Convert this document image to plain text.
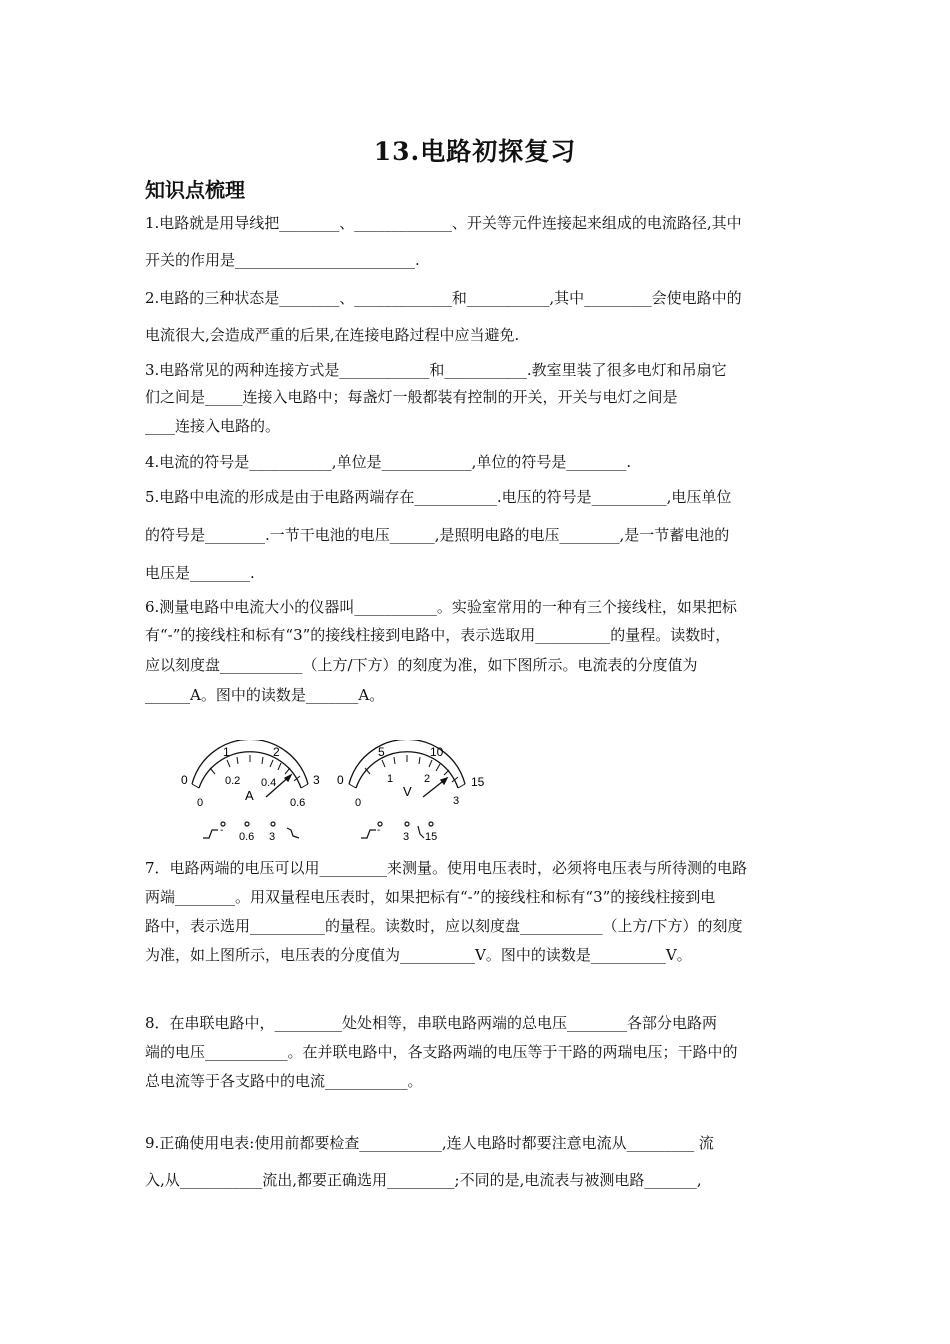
13.电路初探复习
知识点梳理
1.电路就是用导线把________、_____________、开关等元件连接起来组成的电流路径,其中
开关的作用是________________________.
2.电路的三种状态是________、_____________和___________,其中_________会使电路中的
电流很大,会造成严重的后果,在连接电路过程中应当避免.
3.电路常见的两种连接方式是____________和___________.教室里装了很多电灯和吊扇它
们之间是_____连接入电路中；每盏灯一般都装有控制的开关，开关与电灯之间是
____连接入电路的。
4.电流的符号是___________,单位是____________,单位的符号是________.
5.电路中电流的形成是由于电路两端存在___________.电压的符号是__________,电压单位
的符号是________.一节干电池的电压______,是照明电路的电压________,是一节蓄电池的
电压是________.
6.测量电路中电流大小的仪器叫___________。实验室常用的一种有三个接线柱，如果把标
有“-”的接线柱和标有“3”的接线柱接到电路中，表示选取用__________的量程。读数时，
应以刻度盘___________（上方/下方）的刻度为准，如下图所示。电流表的分度值为
______A。图中的读数是_______A。
0
1	2
3
0
0.2 0.4
0.6
A
-
0.6 3
0
5	10
15
0
1	2
3
V
-
3 15
7．电路两端的电压可以用_________来测量。使用电压表时，必须将电压表与所待测的电路
两端________。用双量程电压表时，如果把标有“-”的接线柱和标有“3”的接线柱接到电
路中，表示选用__________的量程。读数时，应以刻度盘___________（上方/下方）的刻度
为准，如上图所示，电压表的分度值为__________V。图中的读数是__________V。
8．在串联电路中，_________处处相等，串联电路两端的总电压________各部分电路两
端的电压___________。在并联电路中，各支路两端的电压等于干路的两瑞电压；干路中的
总电流等于各支路中的电流___________。
9.正确使用电表:使用前都要检查___________,连人电路时都要注意电流从_________ 流
入,从___________流出,都要正确选用_________;不同的是,电流表与被测电路_______,
